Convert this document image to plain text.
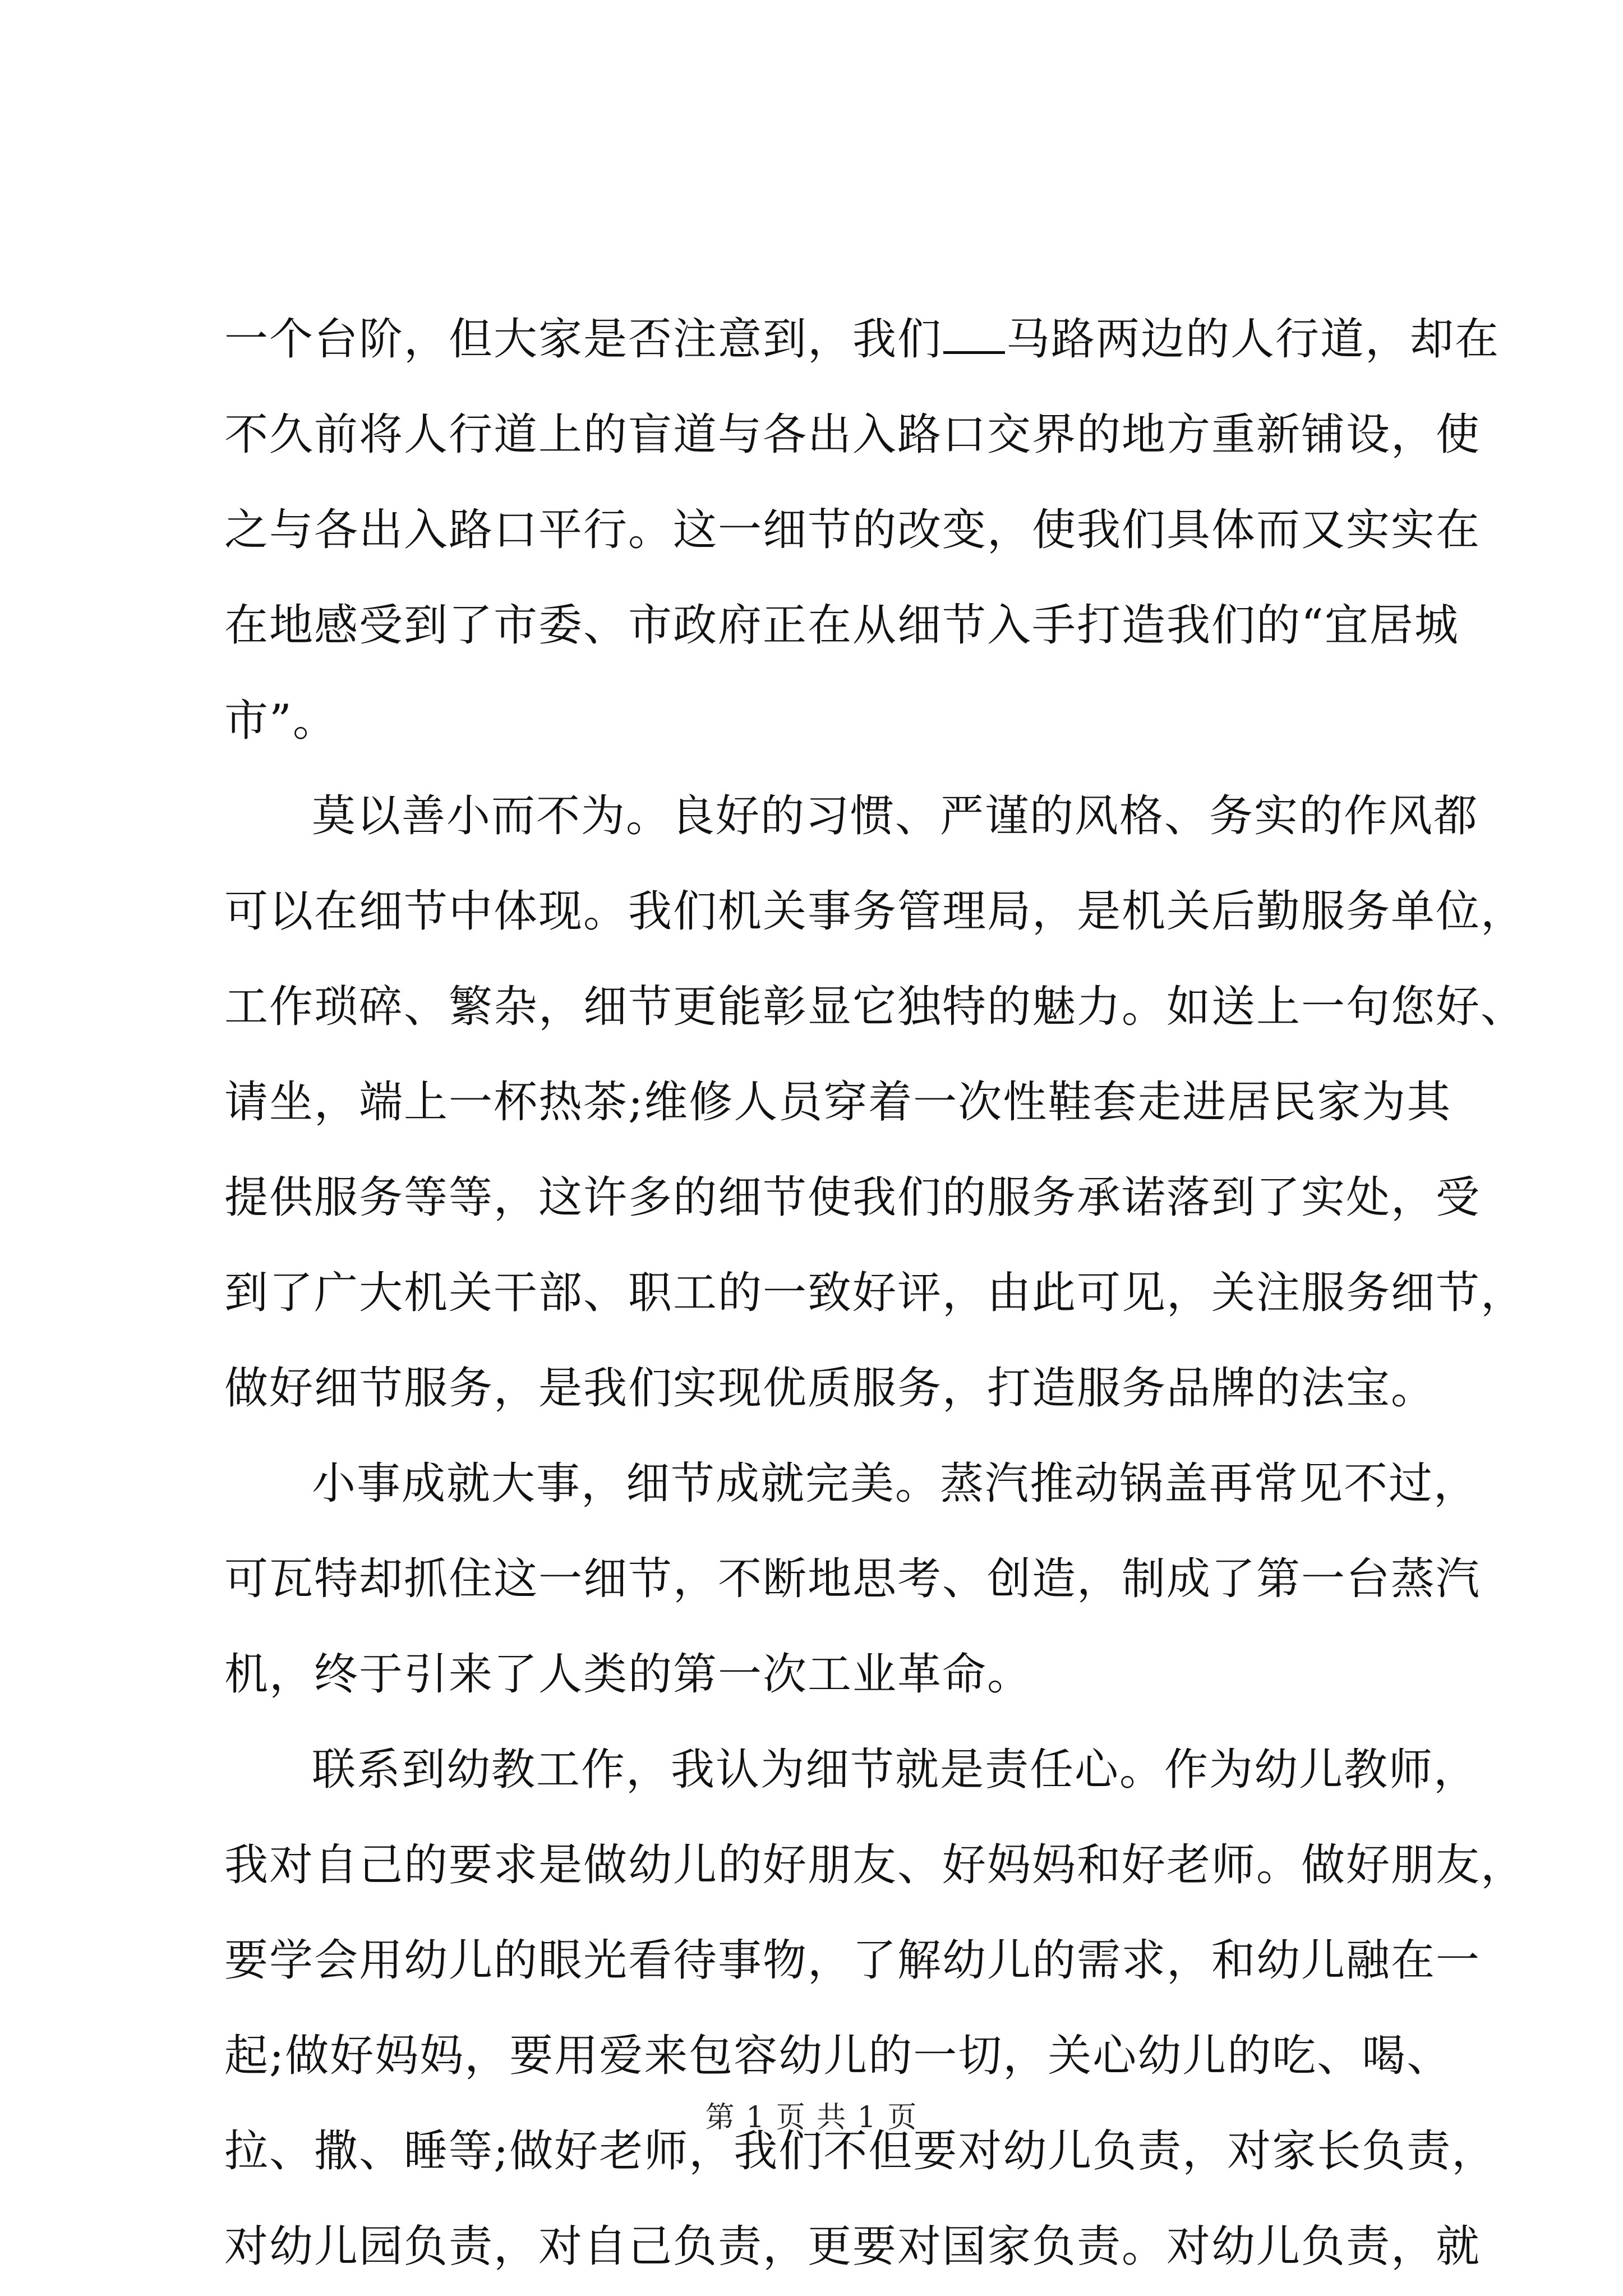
一个台阶，但大家是否注意到，我们 马路两边的人行道，却在
不久前将人行道上的盲道与各出入路口交界的地方重新铺设，使
之与各出入路口平行。这一细节的改变，使我们具体而又实实在
在地感受到了市委、市政府正在从细节入手打造我们的“宜居城
市”。
莫以善小而不为。良好的习惯、严谨的风格、务实的作风都
可以在细节中体现。我们机关事务管理局，是机关后勤服务单位，
工作琐碎、繁杂，细节更能彰显它独特的魅力。如送上一句您好、
请坐，端上一杯热茶;维修人员穿着一次性鞋套走进居民家为其
提供服务等等，这许多的细节使我们的服务承诺落到了实处，受
到了广大机关干部、职工的一致好评，由此可见，关注服务细节，
做好细节服务，是我们实现优质服务，打造服务品牌的法宝。
小事成就大事，细节成就完美。蒸汽推动锅盖再常见不过，
可瓦特却抓住这一细节，不断地思考、创造，制成了第一台蒸汽
机，终于引来了人类的第一次工业革命。
联系到幼教工作，我认为细节就是责任心。作为幼儿教师，
我对自己的要求是做幼儿的好朋友、好妈妈和好老师。做好朋友，
要学会用幼儿的眼光看待事物，了解幼儿的需求，和幼儿融在一
起;做好妈妈，要用爱来包容幼儿的一切，关心幼儿的吃、喝、
拉、撒、睡等;做好老师，我们不但要对幼儿负责，对家长负责，
对幼儿园负责，对自己负责，更要对国家负责。对幼儿负责，就
第 1 页 共 1 页
